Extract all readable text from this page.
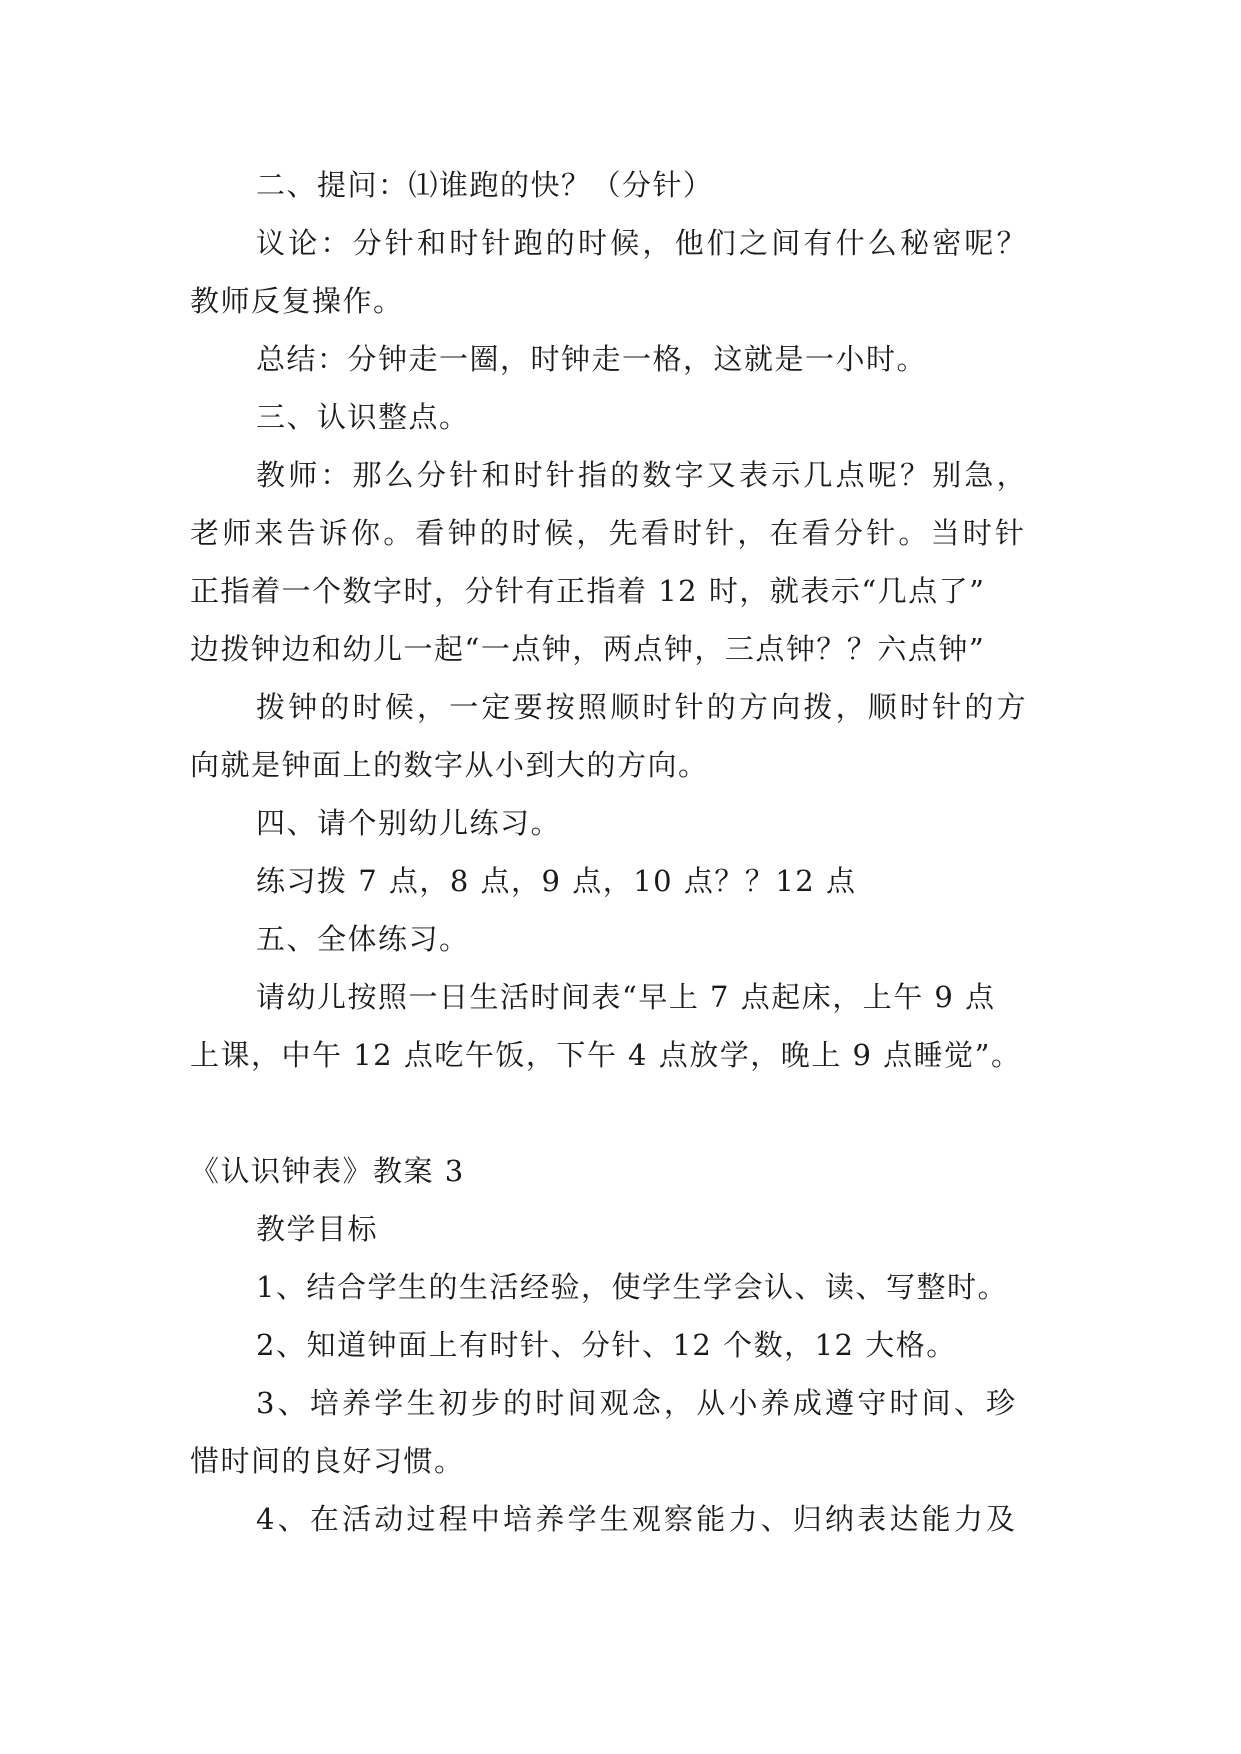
二、提问：⑴谁跑的快？（分针）
议论：分针和时针跑的时候，他们之间有什么秘密呢？
教师反复操作。
总结：分钟走一圈，时钟走一格，这就是一小时。
三、认识整点。
教师：那么分针和时针指的数字又表示几点呢？别急，
老师来告诉你。看钟的时候，先看时针，在看分针。当时针
正指着一个数字时，分针有正指着 12 时，就表示“几点了”
边拨钟边和幼儿一起“一点钟，两点钟，三点钟？？六点钟”
拨钟的时候，一定要按照顺时针的方向拨，顺时针的方
向就是钟面上的数字从小到大的方向。
四、请个别幼儿练习。
练习拨 7 点，8 点，9 点，10 点？？12 点
五、全体练习。
请幼儿按照一日生活时间表“早上 7 点起床，上午 9 点
上课，中午 12 点吃午饭，下午 4 点放学，晚上 9 点睡觉”。
《认识钟表》教案 3
教学目标
1、结合学生的生活经验，使学生学会认、读、写整时。
2、知道钟面上有时针、分针、12 个数，12 大格。
3、培养学生初步的时间观念，从小养成遵守时间、珍
惜时间的良好习惯。
4、在活动过程中培养学生观察能力、归纳表达能力及
